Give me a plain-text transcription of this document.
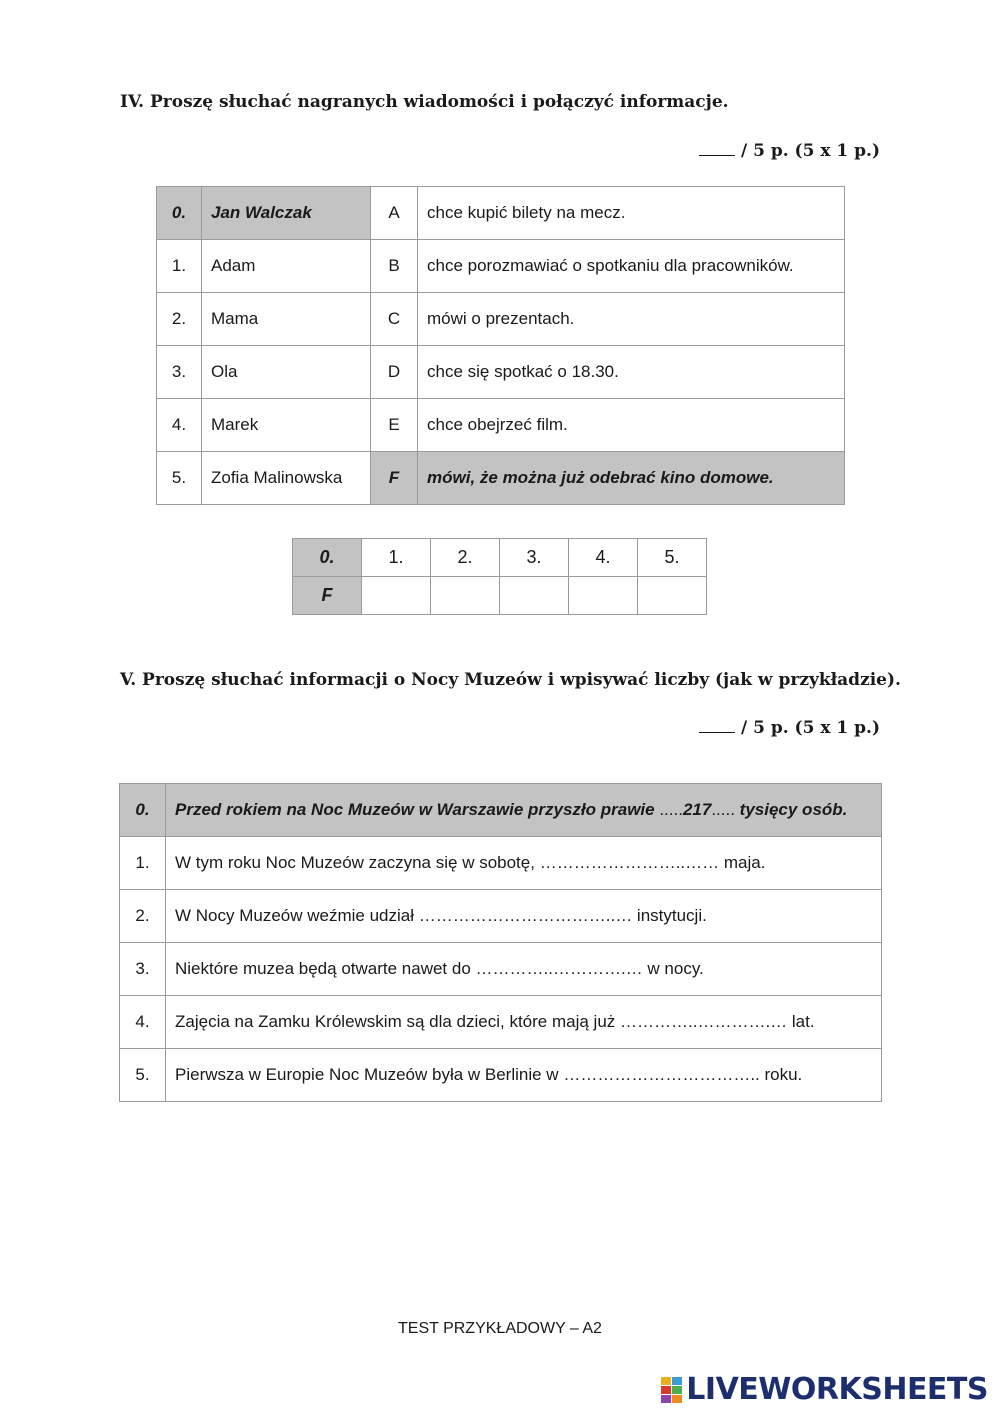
IV. Proszę słuchać nagranych wiadomości i połączyć informacje.
/ 5 p. (5 x 1 p.)
0.	Jan Walczak	A	chce kupić bilety na mecz.
1.	Adam	B	chce porozmawiać o spotkaniu dla pracowników.
2.	Mama	C	mówi o prezentach.
3.	Ola	D	chce się spotkać o 18.30.
4.	Marek	E	chce obejrzeć film.
5.	Zofia Malinowska	F	mówi, że można już odebrać kino domowe.
0.	1.	2.	3.	4.	5.
F					
V. Proszę słuchać informacji o Nocy Muzeów i wpisywać liczby (jak w przykładzie).
/ 5 p. (5 x 1 p.)
0.	Przed rokiem na Noc Muzeów w Warszawie przyszło prawie .....217..... tysięcy osób.
1.	W tym roku Noc Muzeów zaczyna się w sobotę, ……………………..…… maja.
2.	W Nocy Muzeów weźmie udział ……………………………..… instytucji.
3.	Niektóre muzea będą otwarte nawet do …………..………….… w nocy.
4.	Zajęcia na Zamku Królewskim są dla dzieci, które mają już …………..………….… lat.
5.	Pierwsza w Europie Noc Muzeów była w Berlinie w …………………………….. roku.
TEST PRZYKŁADOWY – A2
LIVEWORKSHEETS
